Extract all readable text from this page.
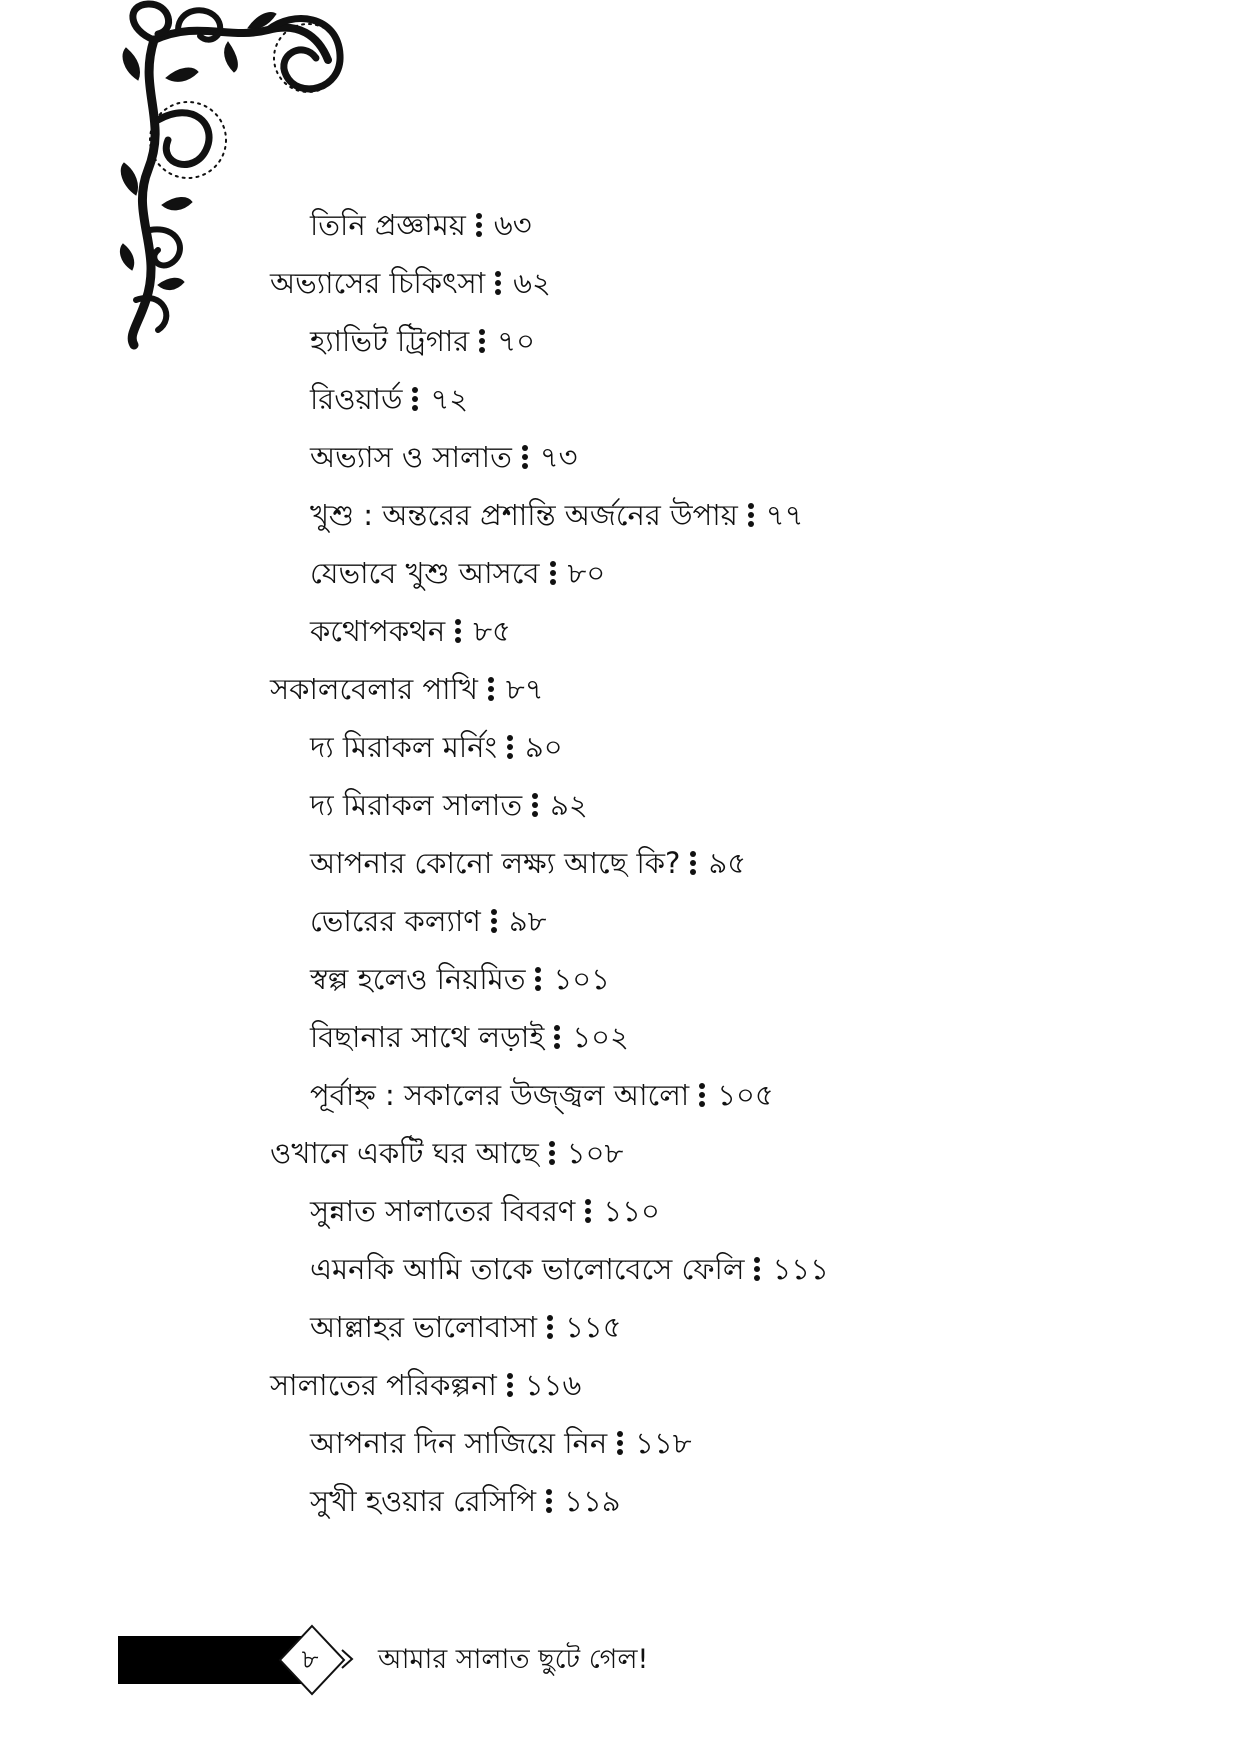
তিনি প্রজ্ঞাময় ৬৩
অভ্যাসের চিকিৎসা ৬২
হ্যাভিট ট্রিগার ৭০
রিওয়ার্ড ৭২
অভ্যাস ও সালাত ৭৩
খুশু : অন্তরের প্রশান্তি অর্জনের উপায় ৭৭
যেভাবে খুশু আসবে ৮০
কথোপকথন ৮৫
সকালবেলার পাখি ৮৭
দ্য মিরাকল মর্নিং ৯০
দ্য মিরাকল সালাত ৯২
আপনার কোনো লক্ষ্য আছে কি? ৯৫
ভোরের কল্যাণ ৯৮
স্বল্প হলেও নিয়মিত ১০১
বিছানার সাথে লড়াই ১০২
পূর্বাহ্ন : সকালের উজ্জ্বল আলো ১০৫
ওখানে একটি ঘর আছে ১০৮
সুন্নাত সালাতের বিবরণ ১১০
এমনকি আমি তাকে ভালোবেসে ফেলি ১১১
আল্লাহর ভালোবাসা ১১৫
সালাতের পরিকল্পনা ১১৬
আপনার দিন সাজিয়ে নিন ১১৮
সুখী হওয়ার রেসিপি ১১৯
৮	আমার সালাত ছুটে গেল!
